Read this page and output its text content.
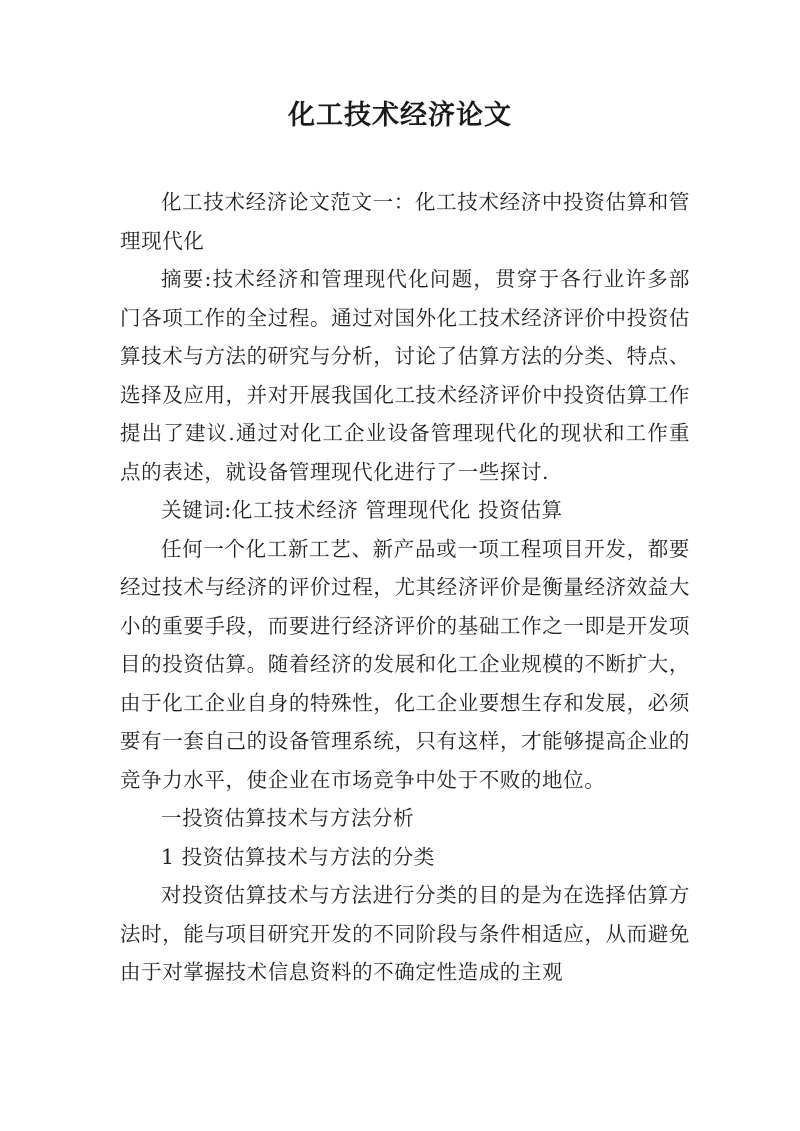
化工技术经济论文

化工技术经济论文范文一：化工技术经济中投资估算和管理现代化

摘要:技术经济和管理现代化问题，贯穿于各行业许多部门各项工作的全过程。通过对国外化工技术经济评价中投资估算技术与方法的研究与分析，讨论了估算方法的分类、特点、选择及应用，并对开展我国化工技术经济评价中投资估算工作提出了建议.通过对化工企业设备管理现代化的现状和工作重点的表述，就设备管理现代化进行了一些探讨.

关键词:化工技术经济 管理现代化 投资估算

任何一个化工新工艺、新产品或一项工程项目开发，都要经过技术与经济的评价过程，尤其经济评价是衡量经济效益大小的重要手段，而要进行经济评价的基础工作之一即是开发项目的投资估算。随着经济的发展和化工企业规模的不断扩大，由于化工企业自身的特殊性，化工企业要想生存和发展，必须要有一套自己的设备管理系统，只有这样，才能够提高企业的竞争力水平，使企业在市场竞争中处于不败的地位。

一投资估算技术与方法分析

1 投资估算技术与方法的分类

对投资估算技术与方法进行分类的目的是为在选择估算方法时，能与项目研究开发的不同阶段与条件相适应，从而避免由于对掌握技术信息资料的不确定性造成的主观
